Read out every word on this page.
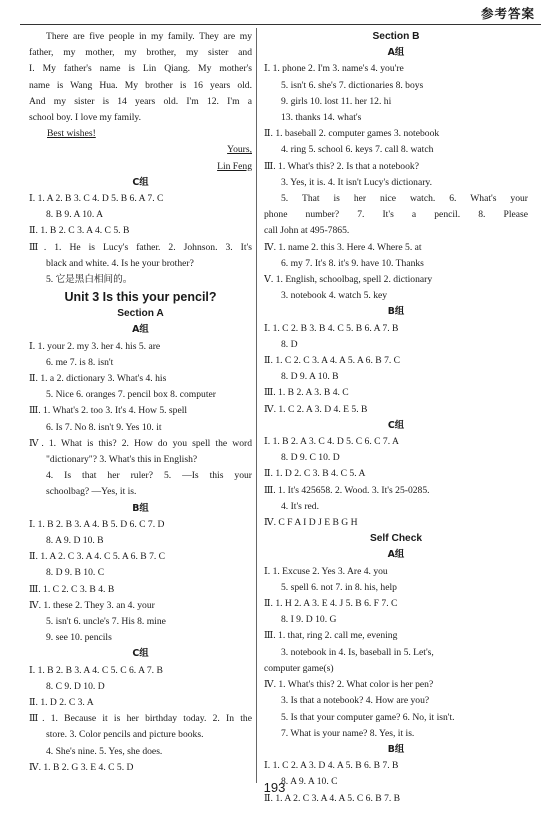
参考答案
There are five people in my family. They are my
father, my mother, my brother, my sister and
I. My father's name is Lin Qiang. My mother's
name is Wang Hua. My brother is 16 years old.
And my sister is 14 years old. I'm 12. I'm a
school boy. I love my family.
Best wishes!
Yours,
Lin Feng
C组
Ⅰ. 1. A 2. B 3. C 4. D 5. B 6. A 7. C
8. B 9. A 10. A
Ⅱ. 1. B 2. C 3. A 4. C 5. B
Ⅲ. 1. He is Lucy's father. 2. Johnson. 3. It's
black and white. 4. Is he your brother?
5. 它是黑白相间的。
Unit 3 Is this your pencil?
Section A
A组
Ⅰ. 1. your 2. my 3. her 4. his 5. are
6. me 7. is 8. isn't
Ⅱ. 1. a 2. dictionary 3. What's 4. his
5. Nice 6. oranges 7. pencil box 8. computer
Ⅲ. 1. What's 2. too 3. It's 4. How 5. spell
6. Is 7. No 8. isn't 9. Yes 10. it
Ⅳ. 1. What is this? 2. How do you spell the word
"dictionary"? 3. What's this in English?
4. Is that her ruler? 5. —Is this your
schoolbag? —Yes, it is.
B组
Ⅰ. 1. B 2. B 3. A 4. B 5. D 6. C 7. D
8. A 9. D 10. B
Ⅱ. 1. A 2. C 3. A 4. C 5. A 6. B 7. C
8. D 9. B 10. C
Ⅲ. 1. C 2. C 3. B 4. B
Ⅳ. 1. these 2. They 3. an 4. your
5. isn't 6. uncle's 7. His 8. mine
9. see 10. pencils
C组
Ⅰ. 1. B 2. B 3. A 4. C 5. C 6. A 7. B
8. C 9. D 10. D
Ⅱ. 1. D 2. C 3. A
Ⅲ. 1. Because it is her birthday today. 2. In the
store. 3. Color pencils and picture books.
4. She's nine. 5. Yes, she does.
Ⅳ. 1. B 2. G 3. E 4. C 5. D
Section B
A组
Ⅰ. 1. phone 2. I'm 3. name's 4. you're
5. isn't 6. she's 7. dictionaries 8. boys
9. girls 10. lost 11. her 12. hi
13. thanks 14. what's
Ⅱ. 1. baseball 2. computer games 3. notebook
4. ring 5. school 6. keys 7. call 8. watch
Ⅲ. 1. What's this? 2. Is that a notebook?
3. Yes, it is. 4. It isn't Lucy's dictionary.
5. That is her nice watch. 6. What's your
phone number? 7. It's a pencil. 8. Please
call John at 495-7865.
Ⅳ. 1. name 2. this 3. Here 4. Where 5. at
6. my 7. It's 8. it's 9. have 10. Thanks
Ⅴ. 1. English, schoolbag, spell 2. dictionary
3. notebook 4. watch 5. key
B组
Ⅰ. 1. C 2. B 3. B 4. C 5. B 6. A 7. B
8. D
Ⅱ. 1. C 2. C 3. A 4. A 5. A 6. B 7. C
8. D 9. A 10. B
Ⅲ. 1. B 2. A 3. B 4. C
Ⅳ. 1. C 2. A 3. D 4. E 5. B
C组
Ⅰ. 1. B 2. A 3. C 4. D 5. C 6. C 7. A
8. D 9. C 10. D
Ⅱ. 1. D 2. C 3. B 4. C 5. A
Ⅲ. 1. It's 425658. 2. Wood. 3. It's 25-0285.
4. It's red.
Ⅳ. C F A I D J E B G H
Self Check
A组
Ⅰ. 1. Excuse 2. Yes 3. Are 4. you
5. spell 6. not 7. in 8. his, help
Ⅱ. 1. H 2. A 3. E 4. J 5. B 6. F 7. C
8. I 9. D 10. G
Ⅲ. 1. that, ring 2. call me, evening
3. notebook in 4. Is, baseball in 5. Let's,
computer game(s)
Ⅳ. 1. What's this? 2. What color is her pen?
3. Is that a notebook? 4. How are you?
5. Is that your computer game? 6. No, it isn't.
7. What is your name? 8. Yes, it is.
B组
Ⅰ. 1. C 2. A 3. D 4. A 5. B 6. B 7. B
8. A 9. A 10. C
Ⅱ. 1. A 2. C 3. A 4. A 5. C 6. B 7. B
193
